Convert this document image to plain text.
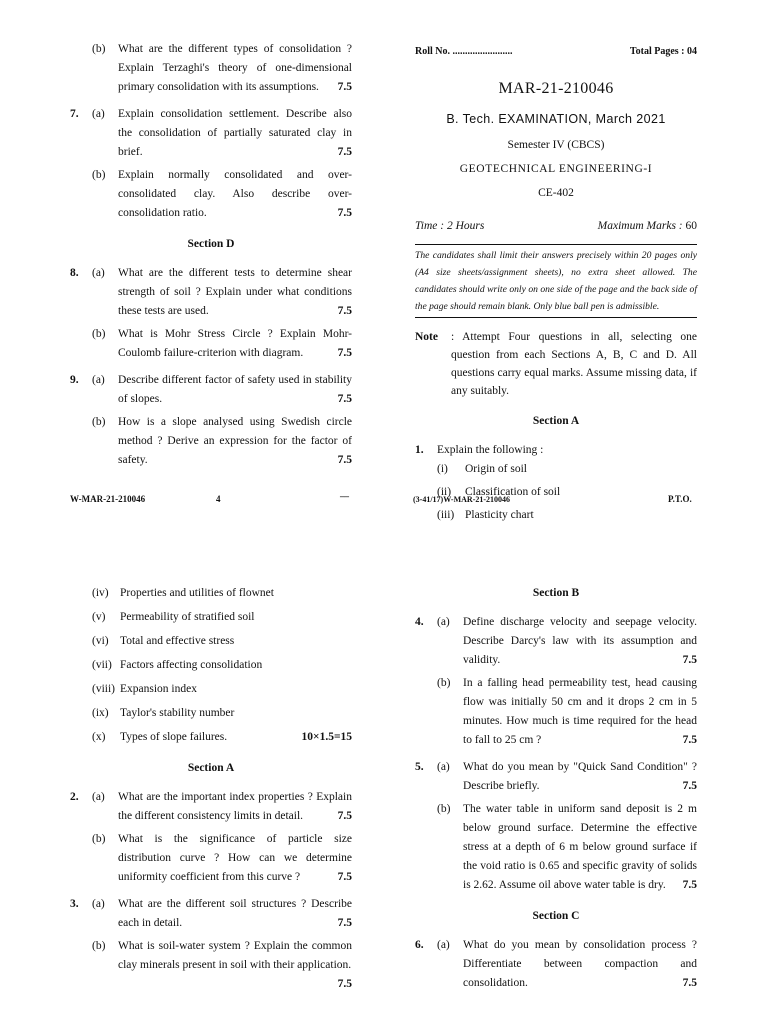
(b) What are the different types of consolidation ? Explain Terzaghi's theory of one-dimensional primary consolidation with its assumptions. 7.5
7.	(a) Explain consolidation settlement. Describe also the consolidation of partially saturated clay in brief.	7.5
(b) Explain normally consolidated and over-consolidated clay. Also describe over-consolidation ratio.	7.5
Section D
8.	(a) What are the different tests to determine shear strength of soil ? Explain under what conditions these tests are used.	7.5
(b) What is Mohr Stress Circle ? Explain Mohr-Coulomb failure-criterion with diagram.	7.5
9.	(a) Describe different factor of safety used in stability of slopes.	7.5
(b) How is a slope analysed using Swedish circle method ? Derive an expression for the factor of safety.	7.5
W-MAR-21-210046	4
__
Roll No. ........................	Total Pages : 04
MAR-21-210046
B. Tech. EXAMINATION, March 2021
Semester IV (CBCS)
GEOTECHNICAL ENGINEERING-I
CE-402
Time : 2 Hours	Maximum Marks : 60
The candidates shall limit their answers precisely within 20 pages only (A4 size sheets/assignment sheets), no extra sheet allowed. The candidates should write only on one side of the page and the back side of the page should remain blank. Only blue ball pen is admissible.
Note	: Attempt Four questions in all, selecting one question from each Sections A, B, C and D. All questions carry equal marks. Assume missing data, if any suitably.
Section A
1.	Explain the following :
(i)	Origin of soil
(ii)	Classification of soil
(iii) Plasticity chart
(3-41/17)W-MAR-21-210046	P.T.O.
(iv) Properties and utilities of flownet
(v)	Permeability of stratified soil
(vi) Total and effective stress
(vii) Factors affecting consolidation
(viii) Expansion index
(ix) Taylor's stability number
(x)	Types of slope failures.	10×1.5=15
Section A
2.	(a) What are the important index properties ? Explain the different consistency limits in detail.	7.5
(b) What is the significance of particle size distribution curve ? How can we determine uniformity coefficient from this curve ?	7.5
3.	(a) What are the different soil structures ? Describe each in detail.	7.5
(b) What is soil-water system ? Explain the common clay minerals present in soil with their application.
7.5
Section B
4.	(a) Define discharge velocity and seepage velocity. Describe Darcy's law with its assumption and validity.	7.5
(b) In a falling head permeability test, head causing flow was initially 50 cm and it drops 2 cm in 5 minutes. How much is time required for the head to fall to 25 cm ?	7.5
5.	(a) What do you mean by "Quick Sand Condition" ? Describe briefly.	7.5
(b) The water table in uniform sand deposit is 2 m below ground surface. Determine the effective stress at a depth of 6 m below ground surface if the void ratio is 0.65 and specific gravity of solids is 2.62. Assume oil above water table is dry. 7.5
Section C
6.	(a) What do you mean by consolidation process ? Differentiate between compaction and consolidation.	7.5
